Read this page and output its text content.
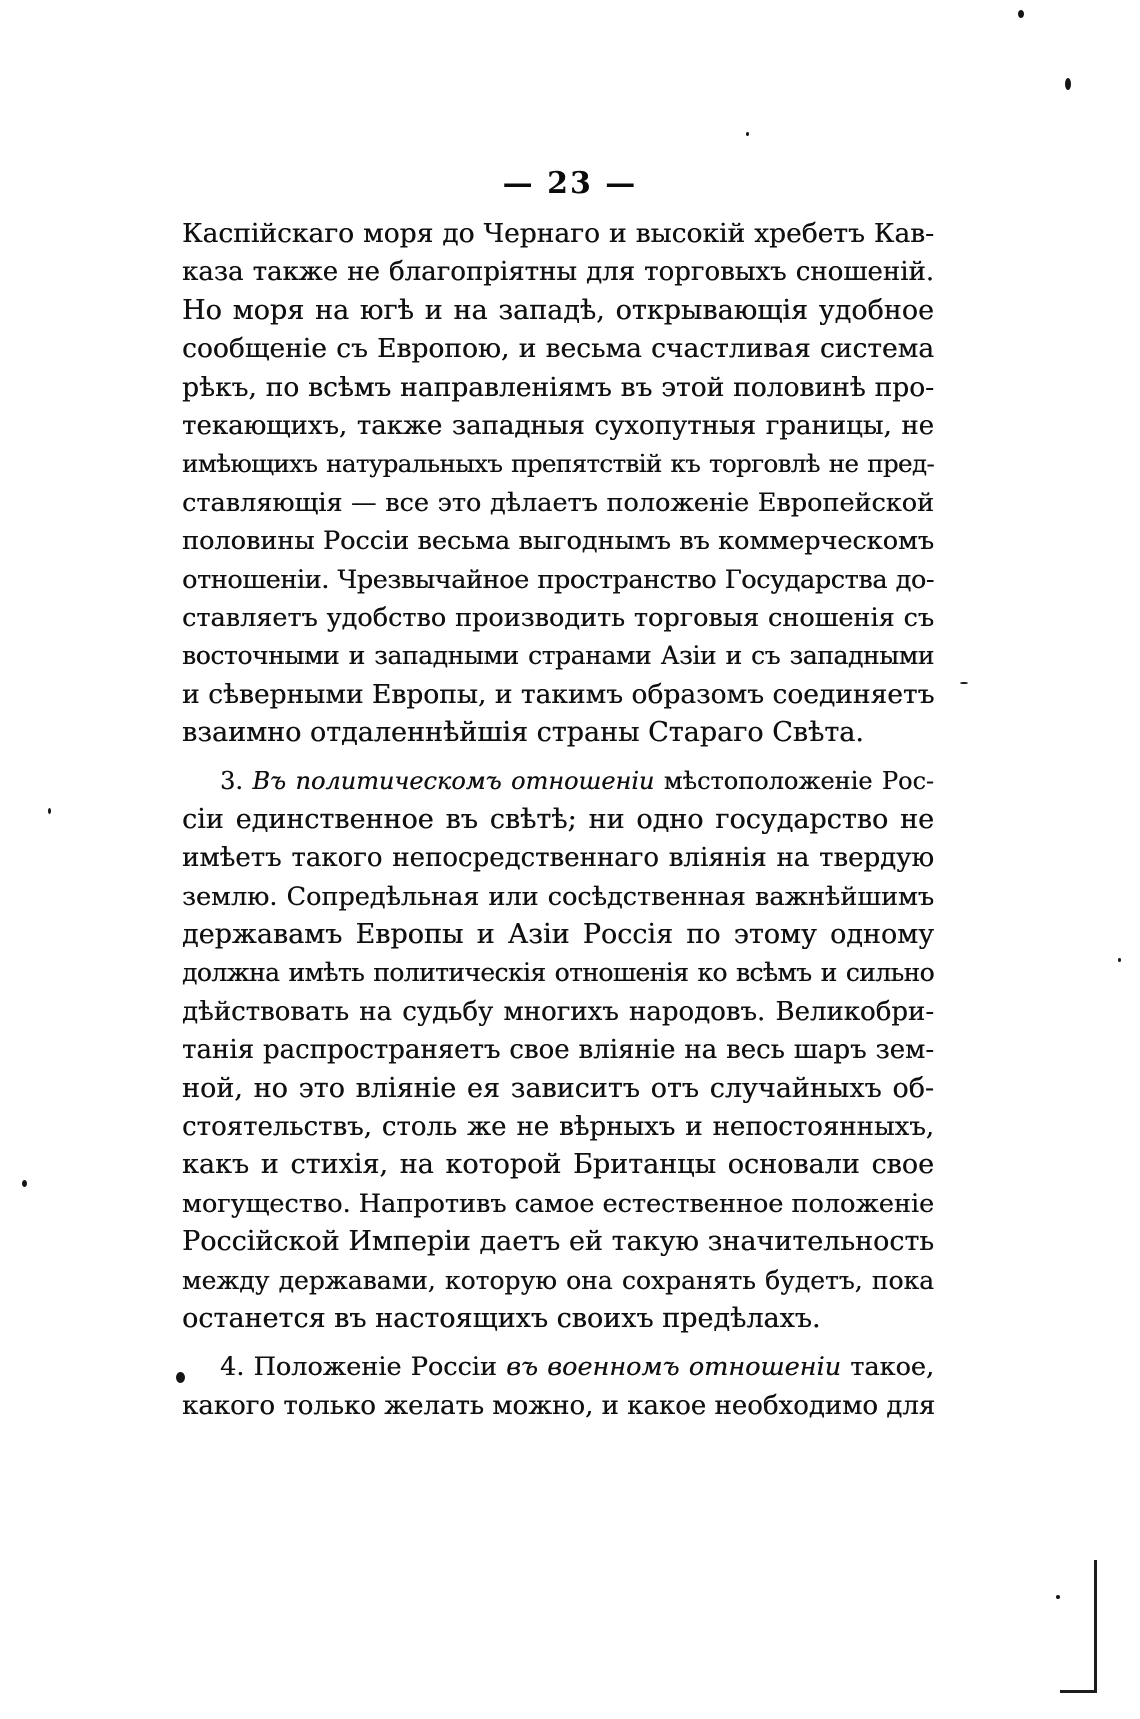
— 23 —
Каспійскаго моря до Чернаго и высокій хребетъ Кав-
каза также не благопріятны для торговыхъ сношеній.
Но моря на югѣ и на западѣ, открывающія удобное
сообщеніе съ Европою, и весьма счастливая система
рѣкъ, по всѣмъ направленіямъ въ этой половинѣ про-
текающихъ, также западныя сухопутныя границы, не
имѣющихъ натуральныхъ препятствій къ торговлѣ не пред-
ставляющія — все это дѣлаетъ положеніе Европейской
половины Россіи весьма выгоднымъ въ коммерческомъ
отношеніи. Чрезвычайное пространство Государства до-
ставляетъ удобство производить торговыя сношенія съ
восточными и западными странами Азіи и съ западными
и сѣверными Европы, и такимъ образомъ соединяетъ
взаимно отдаленнѣйшія страны Стараго Свѣта.
3. Въ политическомъ отношеніи мѣстоположеніе Рос-
сіи единственное въ свѣтѣ; ни одно государство не
имѣетъ такого непосредственнаго вліянія на твердую
землю. Сопредѣльная или сосѣдственная важнѣйшимъ
державамъ Европы и Азіи Россія по этому одному
должна имѣть политическія отношенія ко всѣмъ и сильно
дѣйствовать на судьбу многихъ народовъ. Великобри-
танія распространяетъ свое вліяніе на весь шаръ зем-
ной, но это вліяніе ея зависитъ отъ случайныхъ об-
стоятельствъ, столь же не вѣрныхъ и непостоянныхъ,
какъ и стихія, на которой Британцы основали свое
могущество. Напротивъ самое естественное положеніе
Россійской Имперіи даетъ ей такую значительность
между державами, которую она сохранять будетъ, пока
останется въ настоящихъ своихъ предѣлахъ.
4. Положеніе Россіи въ военномъ отношеніи такое,
какого только желать можно, и какое необходимо для
